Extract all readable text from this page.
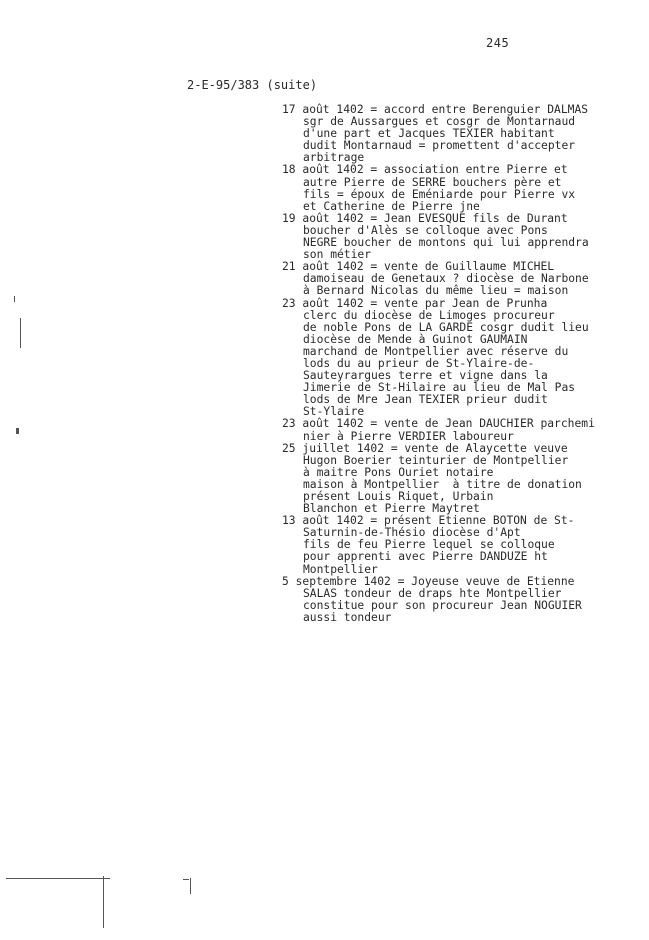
245
2-E-95/383 (suite)
17 août 1402 = accord entre Berenguier DALMAS
sgr de Aussargues et cosgr de Montarnaud
d'une part et Jacques TEXIER habitant
dudit Montarnaud = promettent d'accepter
arbitrage
18 août 1402 = association entre Pierre et
autre Pierre de SERRE bouchers père et
fils = époux de Eméniarde pour Pierre vx
et Catherine de Pierre jne
19 août 1402 = Jean EVESQUE fils de Durant
boucher d'Alès se colloque avec Pons
NEGRE boucher de montons qui lui apprendra
son métier
21 août 1402 = vente de Guillaume MICHEL
damoiseau de Genetaux ? diocèse de Narbone
à Bernard Nicolas du même lieu = maison
23 août 1402 = vente par Jean de Prunha
clerc du diocèse de Limoges procureur
de noble Pons de LA GARDE cosgr dudit lieu
diocèse de Mende à Guinot GAUMAIN
marchand de Montpellier avec réserve du
lods du au prieur de St-Ylaire-de-
Sauteyrargues terre et vigne dans la
Jimerie de St-Hilaire au lieu de Mal Pas
lods de Mre Jean TEXIER prieur dudit
St-Ylaire
23 août 1402 = vente de Jean DAUCHIER parchemi
nier à Pierre VERDIER laboureur
25 juillet 1402 = vente de Alaycette veuve
Hugon Boerier teinturier de Montpellier
à maitre Pons Ouriet notaire
maison à Montpellier  à titre de donation
présent Louis Riquet, Urbain
Blanchon et Pierre Maytret
13 août 1402 = présent Etienne BOTON de St-
Saturnin-de-Thésio diocèse d'Apt
fils de feu Pierre lequel se colloque
pour apprenti avec Pierre DANDUZE ht
Montpellier
5 septembre 1402 = Joyeuse veuve de Etienne
SALAS tondeur de draps hte Montpellier
constitue pour son procureur Jean NOGUIER
aussi tondeur
